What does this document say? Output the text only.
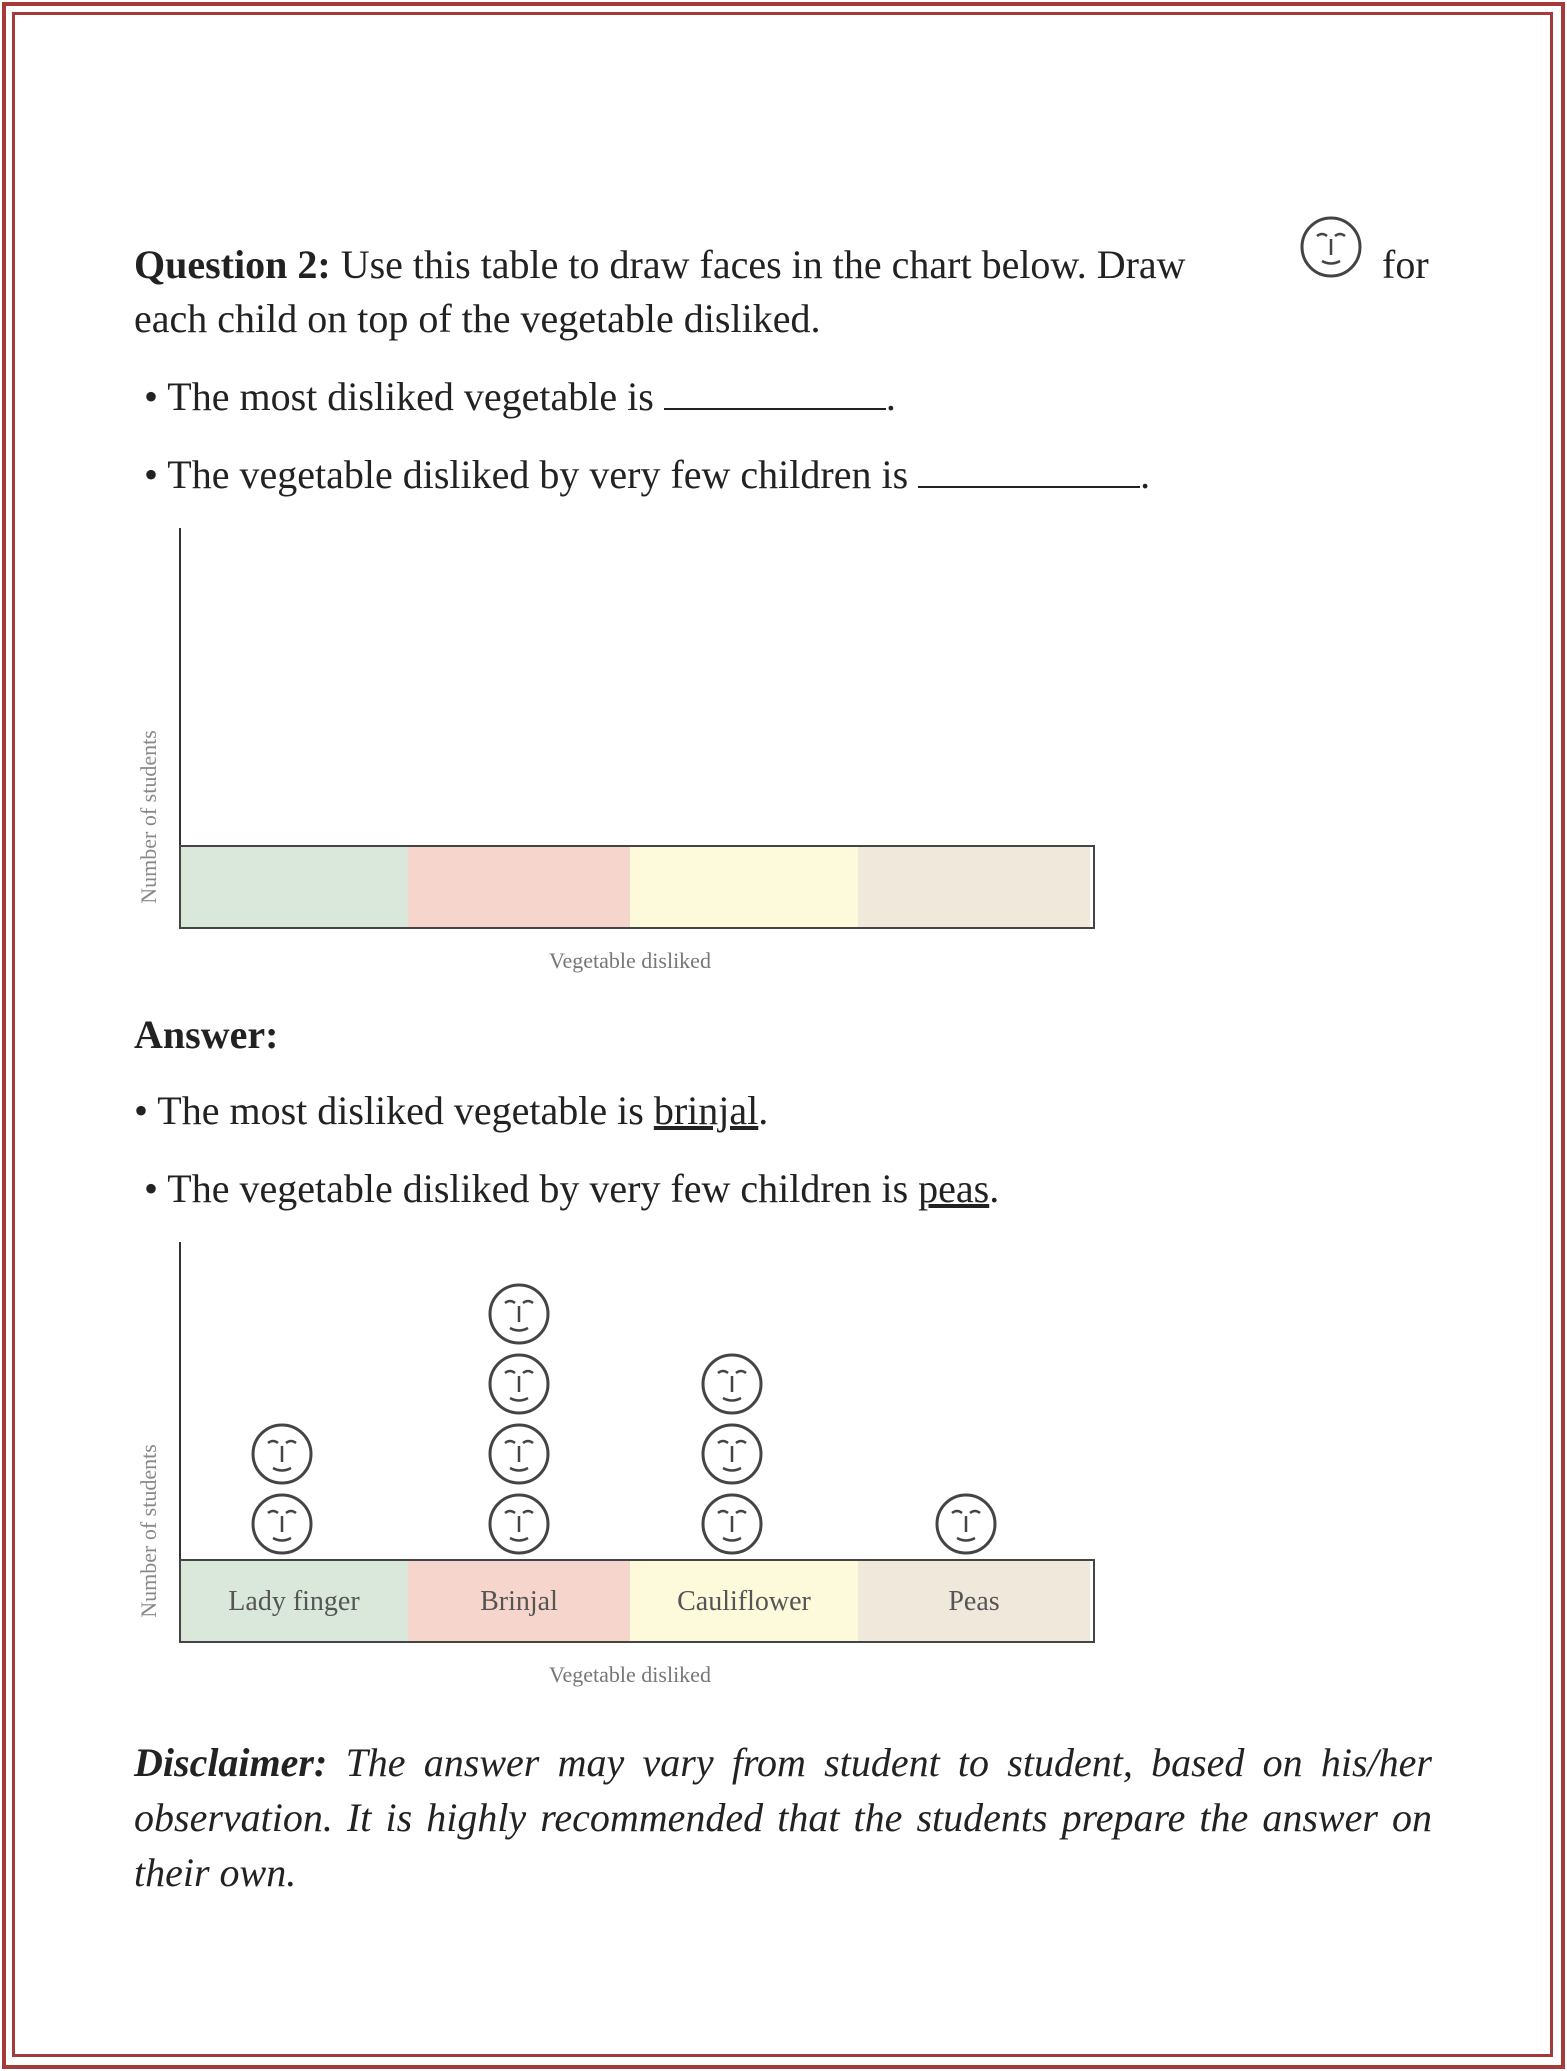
Question 2: Use this table to draw faces in the chart below. Draw	for
each child on top of the vegetable disliked.
• The most disliked vegetable is	.
• The vegetable disliked by very few children is	.
Number of students
Vegetable disliked
Answer:
• The most disliked vegetable is brinjal.
• The vegetable disliked by very few children is peas.
Number of students Lady finger	Brinjal	Cauliflower	Peas
Vegetable disliked
Disclaimer: The answer may vary from student to student, based on his/her observation. It is highly recommended that the students prepare the answer on their own.
